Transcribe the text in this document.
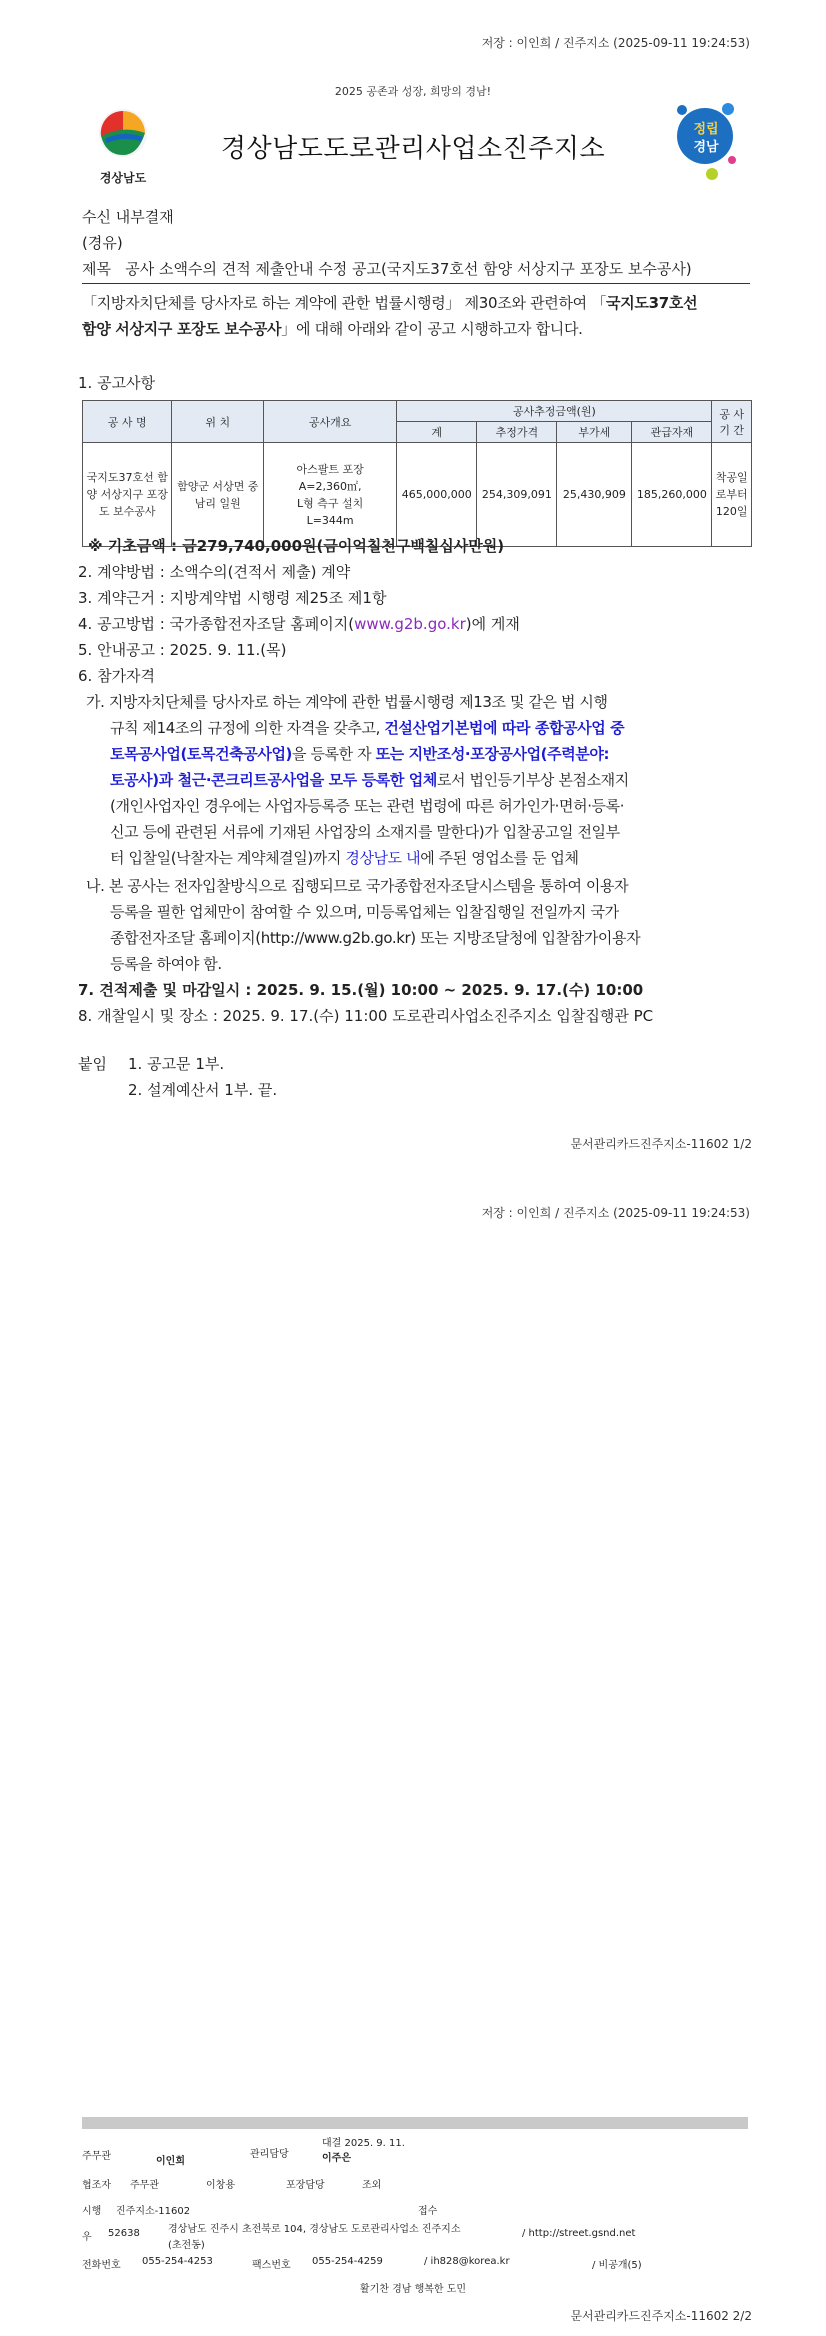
저장 : 이인희 / 진주지소 (2025-09-11 19:24:53)
2025 공존과 성장, 희망의 경남!
경상남도
경상남도도로관리사업소진주지소
정립
경남
수신 내부결재
(경유)
제목 공사 소액수의 견적 제출안내 수정 공고(국지도37호선 함양 서상지구 포장도 보수공사)
「지방자치단체를 당사자로 하는 계약에 관한 법률시행령」 제30조와 관련하여 「국지도37호선
함양 서상지구 포장도 보수공사」에 대해 아래와 같이 공고 시행하고자 합니다.
1. 공고사항
공 사 명	위 치	공사개요	공사추정금액(원)				공 사 기 간
			계	추정가격	부가세	관급자재	
국지도37호선 함양 서상지구 포장도 보수공사	함양군 서상면 중남리 일원	아스팔트 포장
A=2,360㎡,
L형 측구 설치
L=344m	465,000,000	254,309,091	25,430,909	185,260,000	착공일로부터 120일
※ 기초금액 : 금279,740,000원(금이억칠천구백칠십사만원)
2. 계약방법 : 소액수의(견적서 제출) 계약
3. 계약근거 : 지방계약법 시행령 제25조 제1항
4. 공고방법 : 국가종합전자조달 홈페이지(www.g2b.go.kr)에 게재
5. 안내공고 : 2025. 9. 11.(목)
6. 참가자격
가. 지방자치단체를 당사자로 하는 계약에 관한 법률시행령 제13조 및 같은 법 시행
규칙 제14조의 규정에 의한 자격을 갖추고, 건설산업기본법에 따라 종합공사업 중
토목공사업(토목건축공사업)을 등록한 자 또는 지반조성·포장공사업(주력분야:
토공사)과 철근·콘크리트공사업을 모두 등록한 업체로서 법인등기부상 본점소재지
(개인사업자인 경우에는 사업자등록증 또는 관련 법령에 따른 허가인가·면허·등록·
신고 등에 관련된 서류에 기재된 사업장의 소재지를 말한다)가 입찰공고일 전일부
터 입찰일(낙찰자는 계약체결일)까지 경상남도 내에 주된 영업소를 둔 업체
나. 본 공사는 전자입찰방식으로 집행되므로 국가종합전자조달시스템을 통하여 이용자
등록을 필한 업체만이 참여할 수 있으며, 미등록업체는 입찰집행일 전일까지 국가
종합전자조달 홈페이지(http://www.g2b.go.kr) 또는 지방조달청에 입찰참가이용자
등록을 하여야 함.
7. 견적제출 및 마감일시 : 2025. 9. 15.(월) 10:00 ~ 2025. 9. 17.(수) 10:00
8. 개찰일시 및 장소 : 2025. 9. 17.(수) 11:00 도로관리사업소진주지소 입찰집행관 PC
붙임 1. 공고문 1부.
2. 설계예산서 1부. 끝.
문서관리카드진주지소-11602 1/2
저장 : 이인희 / 진주지소 (2025-09-11 19:24:53)
주무관	이인희
관리담당
대결 2025. 9. 11.
이주은
협조자 주무관	이창용	포장담당	조외
시행 진주지소-11602	접수
우 52638	경상남도 진주시 초전북로 104, 경상남도 도로관리사업소 진주지소
(초전동)
/ http://street.gsnd.net
전화번호 055-254-4253	팩스번호 055-254-4259	/ ih828@korea.kr	/ 비공개(5)
활기찬 경남 행복한 도민
문서관리카드진주지소-11602 2/2
